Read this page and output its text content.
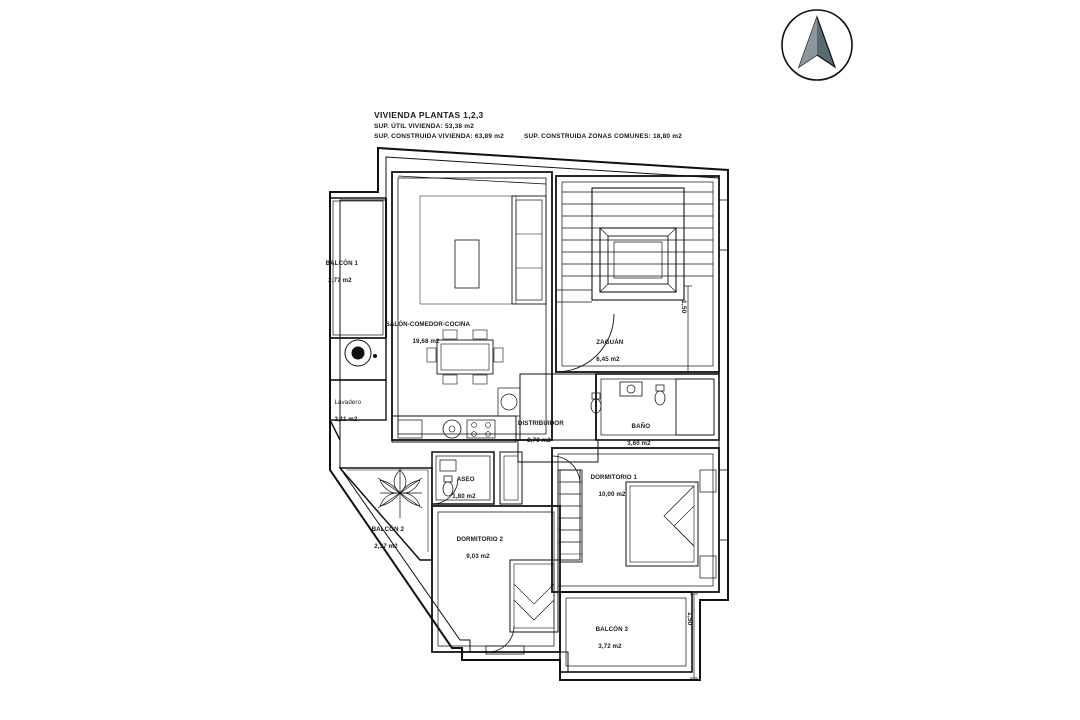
VIVIENDA PLANTAS 1,2,3
SUP. ÚTIL VIVIENDA: 53,38 m2
SUP. CONSTRUIDA VIVIENDA: 63,89 m2	SUP. CONSTRUIDA ZONAS COMUNES: 18,80 m2

BALCÓN 1

2,77 m2

SALÓN-COMEDOR-COCINA

19,68 m2

Lavadero

2,11 m2

ZAGUÁN

6,45 m2

DISTRIBUIDOR

2,73 m2

BAÑO

3,60 m2

ASEO

1,80 m2

DORMITORIO 1

10,00 m2

DORMITORIO 2

9,03 m2

BALCÓN 2

2,37 m2

BALCÓN 3

3,72 m2

1,50
1,50
